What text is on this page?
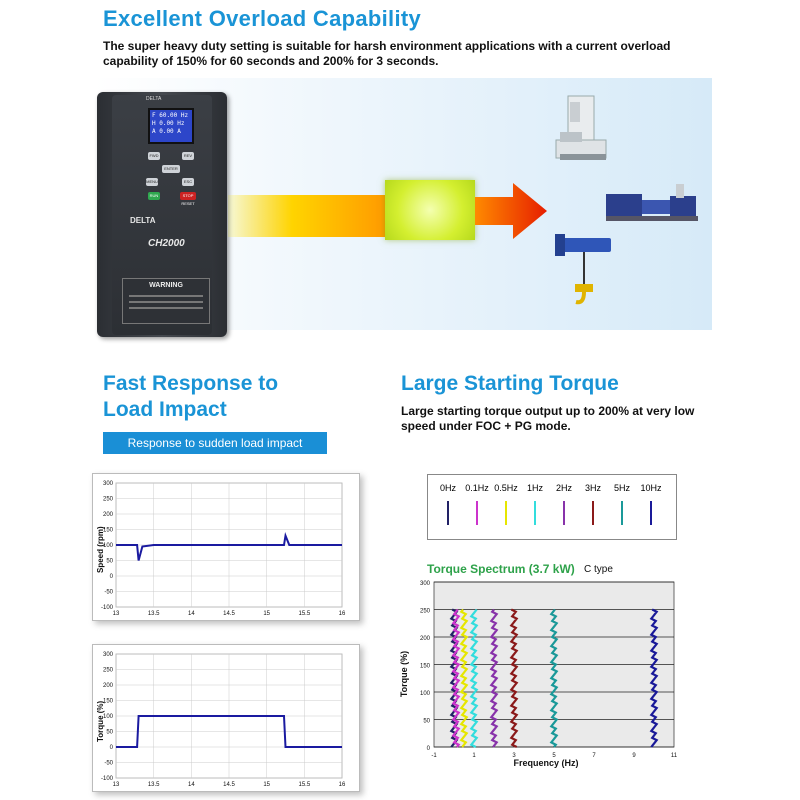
Excellent Overload Capability
The super heavy duty setting is suitable for harsh environment applications with a current overload
capability of 150% for 60 seconds and 200% for 3 seconds.
DELTA
F 60.00 Hz
H 0.00 Hz
A 0.00 A
FWD	REV
ENTER
MENU	ESC
RUN	STOP RESET
DELTA
CH2000
WARNING
Fast Response to
Load Impact
Response to sudden load impact
Speed (rpm)
300
250
200
150
100
50
0
-50
-100
13	13.5	14	14.5	15	15.5	16
Torque (%)
300
250
200
150
100
50
0
-50
-100
13	13.5	14	14.5	15	15.5	16
Large Starting Torque
Large starting torque output up to 200% at very low
speed under FOC + PG mode.
0Hz 0.1Hz 0.5Hz 1Hz 2Hz 3Hz 5Hz 10Hz
Torque Spectrum (3.7 kW) C type
Torque (%)
Frequency (Hz)
0
50
100
150
200
250
300
-1	1	3	5	7	9	11
